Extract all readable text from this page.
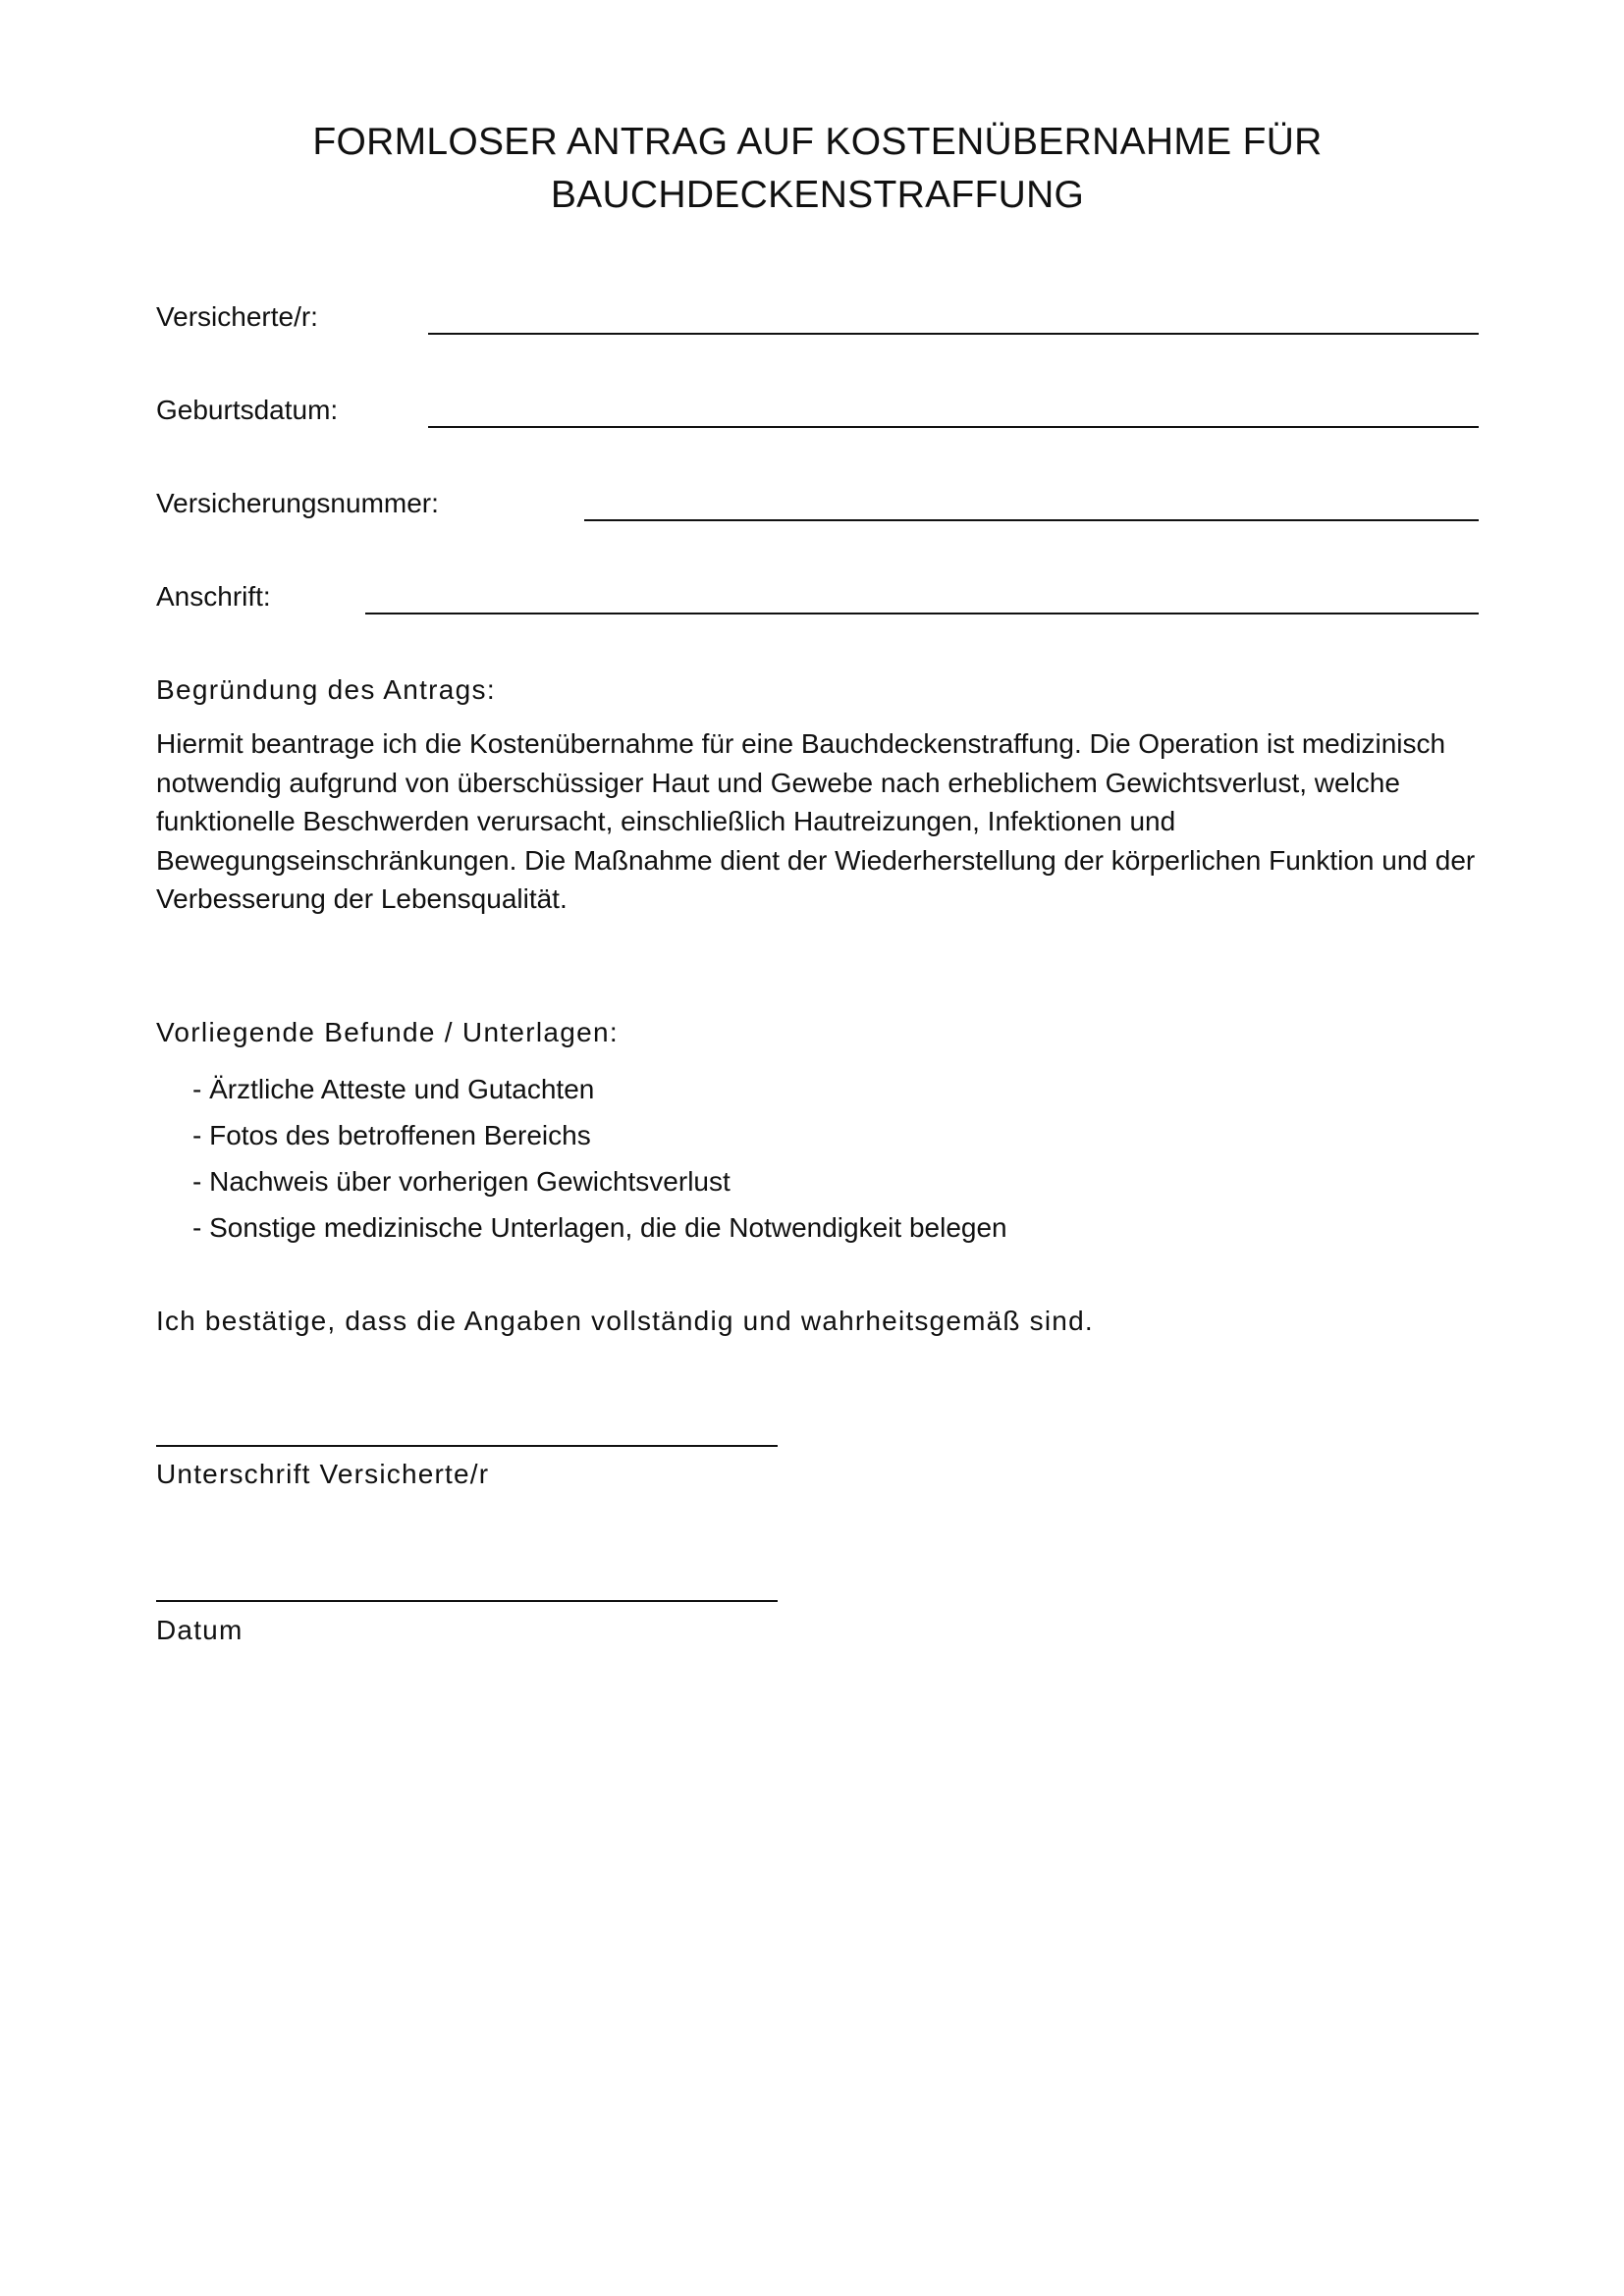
FORMLOSER ANTRAG AUF KOSTENÜBERNAHME FÜR
BAUCHDECKENSTRAFFUNG
Versicherte/r:
Geburtsdatum:
Versicherungsnummer:
Anschrift:
Begründung des Antrags:
Hiermit beantrage ich die Kostenübernahme für eine Bauchdeckenstraffung. Die Operation ist medizinisch
notwendig aufgrund von überschüssiger Haut und Gewebe nach erheblichem Gewichtsverlust, welche
funktionelle Beschwerden verursacht, einschließlich Hautreizungen, Infektionen und
Bewegungseinschränkungen. Die Maßnahme dient der Wiederherstellung der körperlichen Funktion und der
Verbesserung der Lebensqualität.
Vorliegende Befunde / Unterlagen:
- Ärztliche Atteste und Gutachten
- Fotos des betroffenen Bereichs
- Nachweis über vorherigen Gewichtsverlust
- Sonstige medizinische Unterlagen, die die Notwendigkeit belegen
Ich bestätige, dass die Angaben vollständig und wahrheitsgemäß sind.
Unterschrift Versicherte/r
Datum
